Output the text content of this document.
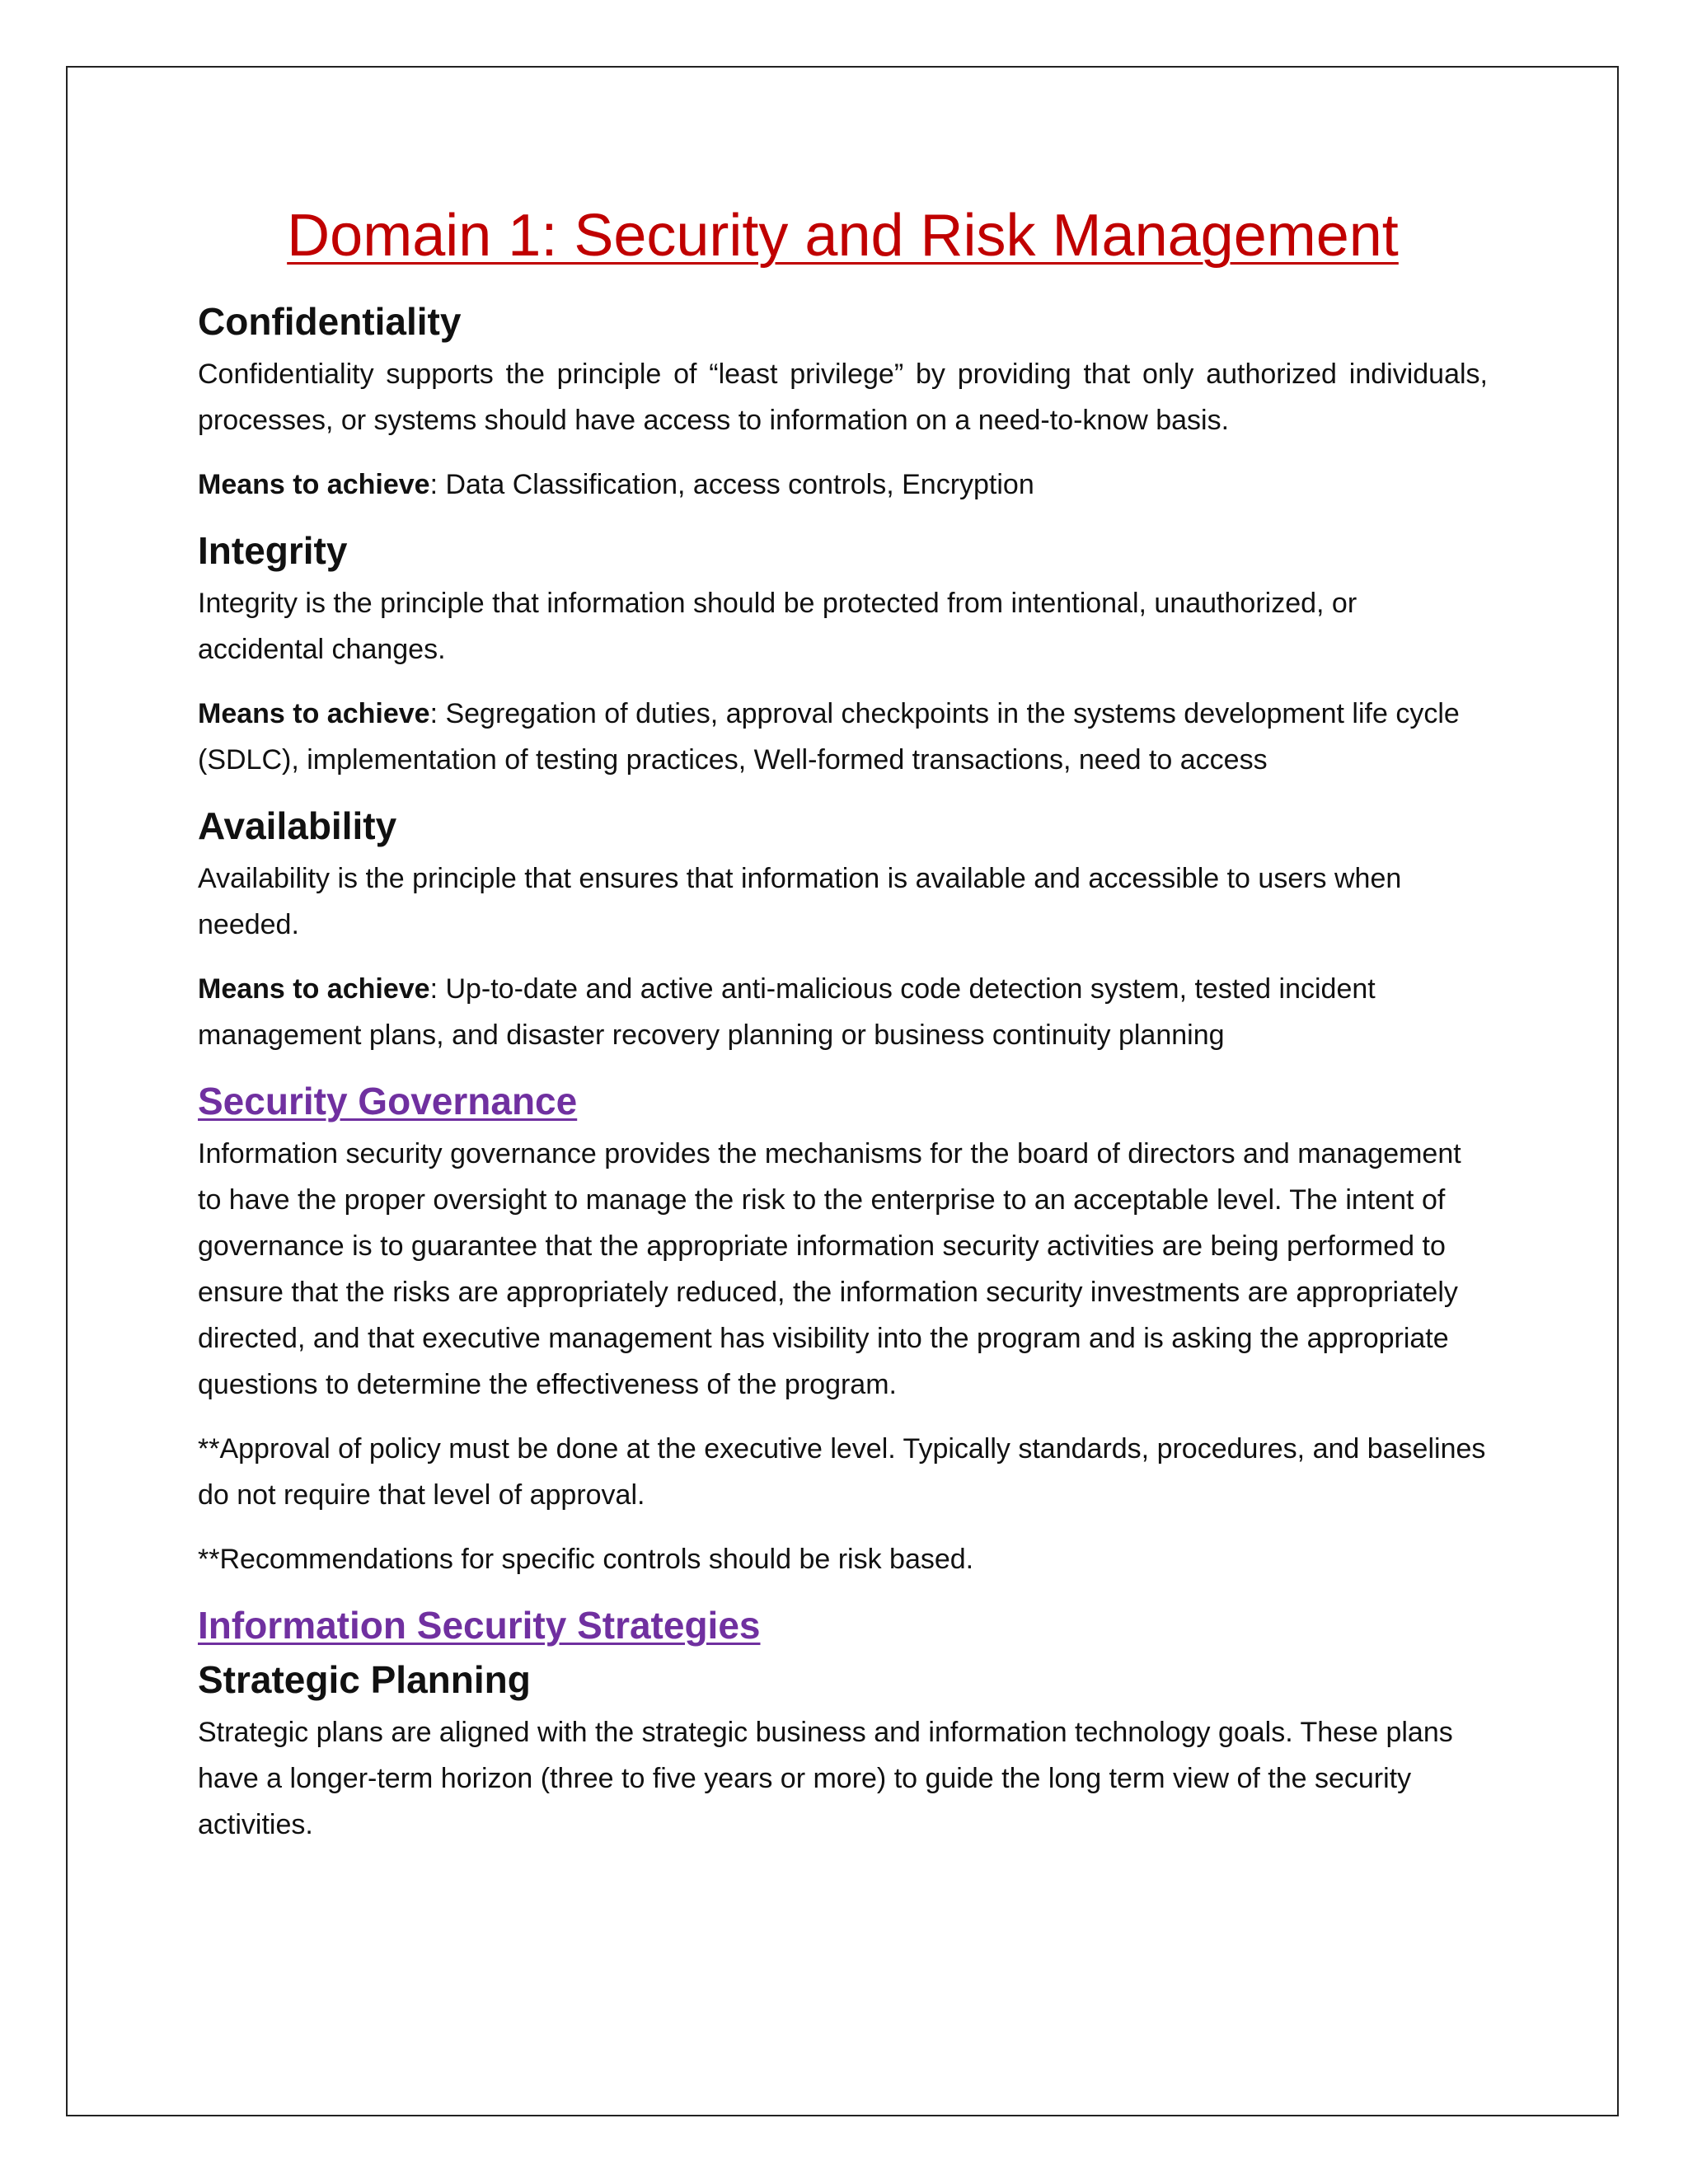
Domain 1: Security and Risk Management
Confidentiality

Confidentiality supports the principle of “least privilege” by providing that only authorized individuals, processes, or systems should have access to information on a need-to-know basis.

Means to achieve: Data Classification, access controls, Encryption

Integrity

Integrity is the principle that information should be protected from intentional, unauthorized, or accidental changes.

Means to achieve: Segregation of duties, approval checkpoints in the systems development life cycle (SDLC), implementation of testing practices, Well-formed transactions, need to access

Availability

Availability is the principle that ensures that information is available and accessible to users when needed.

Means to achieve: Up-to-date and active anti-malicious code detection system, tested incident management plans, and disaster recovery planning or business continuity planning

Security Governance

Information security governance provides the mechanisms for the board of directors and management to have the proper oversight to manage the risk to the enterprise to an acceptable level. The intent of governance is to guarantee that the appropriate information security activities are being performed to ensure that the risks are appropriately reduced, the information security investments are appropriately directed, and that executive management has visibility into the program and is asking the appropriate questions to determine the effectiveness of the program.

**Approval of policy must be done at the executive level. Typically standards, procedures, and baselines do not require that level of approval.

**Recommendations for specific controls should be risk based.

Information Security Strategies
Strategic Planning

Strategic plans are aligned with the strategic business and information technology goals. These plans have a longer-term horizon (three to five years or more) to guide the long term view of the security activities.
